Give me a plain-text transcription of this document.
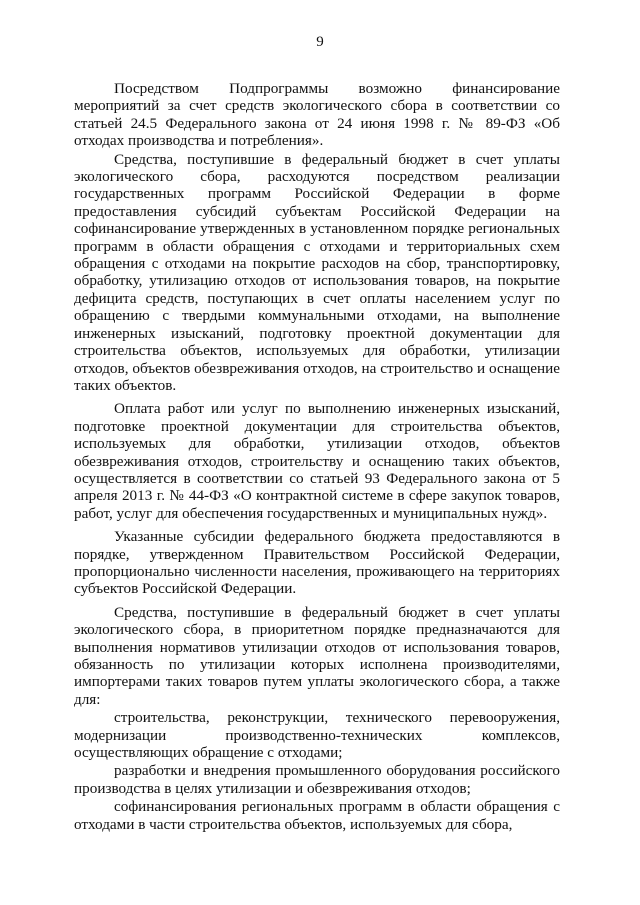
9

Посредством Подпрограммы возможно финансирование мероприятий за счет средств экологического сбора в соответствии со статьей 24.5 Федерального закона от 24 июня 1998 г. № 89-ФЗ «Об отходах производства и потребления».

Средства, поступившие в федеральный бюджет в счет уплаты экологического сбора, расходуются посредством реализации государственных программ Российской Федерации в форме предоставления субсидий субъектам Российской Федерации на софинансирование утвержденных в установленном порядке региональных программ в области обращения с отходами и территориальных схем обращения с отходами на покрытие расходов на сбор, транспортировку, обработку, утилизацию отходов от использования товаров, на покрытие дефицита средств, поступающих в счет оплаты населением услуг по обращению с твердыми коммунальными отходами, на выполнение инженерных изысканий, подготовку проектной документации для строительства объектов, используемых для обработки, утилизации отходов, объектов обезвреживания отходов, на строительство и оснащение таких объектов.

Оплата работ или услуг по выполнению инженерных изысканий, подготовке проектной документации для строительства объектов, используемых для обработки, утилизации отходов, объектов обезвреживания отходов, строительству и оснащению таких объектов, осуществляется в соответствии со статьей 93 Федерального закона от 5 апреля 2013 г. № 44-ФЗ «О контрактной системе в сфере закупок товаров, работ, услуг для обеспечения государственных и муниципальных нужд».

Указанные субсидии федерального бюджета предоставляются в порядке, утвержденном Правительством Российской Федерации, пропорционально численности населения, проживающего на территориях субъектов Российской Федерации.

Средства, поступившие в федеральный бюджет в счет уплаты экологического сбора, в приоритетном порядке предназначаются для выполнения нормативов утилизации отходов от использования товаров, обязанность по утилизации которых исполнена производителями, импортерами таких товаров путем уплаты экологического сбора, а также для:

строительства, реконструкции, технического перевооружения, модернизации производственно-технических комплексов, осуществляющих обращение с отходами;

разработки и внедрения промышленного оборудования российского производства в целях утилизации и обезвреживания отходов;

софинансирования региональных программ в области обращения с отходами в части строительства объектов, используемых для сбора,
